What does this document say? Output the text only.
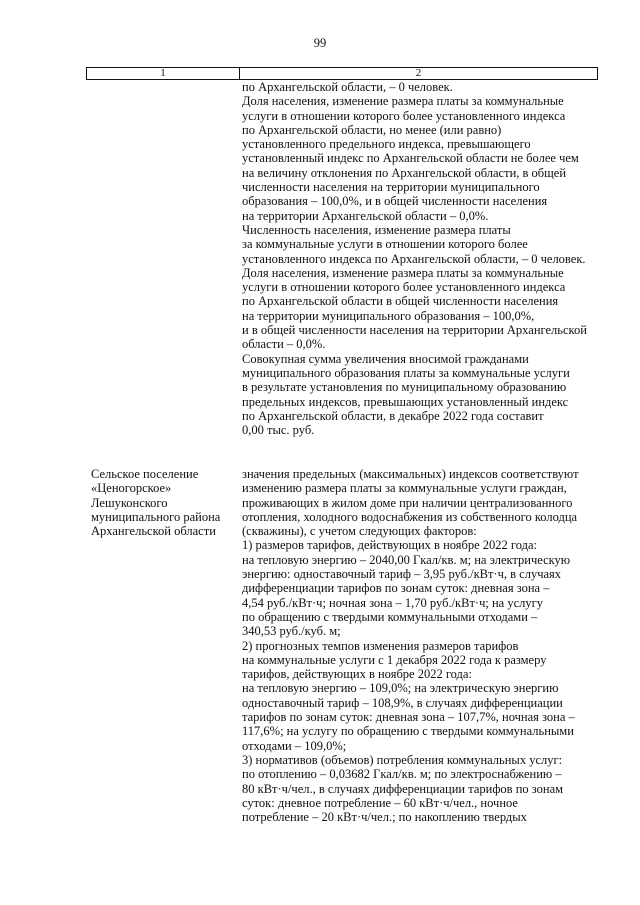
99
1	2
по Архангельской области, – 0 человек.
Доля населения, изменение размера платы за коммунальные
услуги в отношении которого более установленного индекса
по Архангельской области, но менее (или равно)
установленного предельного индекса, превышающего
установленный индекс по Архангельской области не более чем
на величину отклонения по Архангельской области, в общей
численности населения на территории муниципального
образования – 100,0%, и в общей численности населения
на территории Архангельской области – 0,0%.
Численность населения, изменение размера платы
за коммунальные услуги в отношении которого более
установленного индекса по Архангельской области, – 0 человек.
Доля населения, изменение размера платы за коммунальные
услуги в отношении которого более установленного индекса
по Архангельской области в общей численности населения
на территории муниципального образования – 100,0%,
и в общей численности населения на территории Архангельской
области – 0,0%.
Совокупная сумма увеличения вносимой гражданами
муниципального образования платы за коммунальные услуги
в результате установления по муниципальному образованию
предельных индексов, превышающих установленный индекс
по Архангельской области, в декабре 2022 года составит
0,00 тыс. руб.
Сельское поселение
«Ценогорское»
Лешуконского
муниципального района
Архангельской области
значения предельных (максимальных) индексов соответствуют
изменению размера платы за коммунальные услуги граждан,
проживающих в жилом доме при наличии централизованного
отопления, холодного водоснабжения из собственного колодца
(скважины), с учетом следующих факторов:
1) размеров тарифов, действующих в ноябре 2022 года:
на тепловую энергию – 2040,00 Гкал/кв. м; на электрическую
энергию: одноставочный тариф – 3,95 руб./кВт·ч, в случаях
дифференциации тарифов по зонам суток: дневная зона –
4,54 руб./кВт·ч; ночная зона – 1,70 руб./кВт·ч; на услугу
по обращению с твердыми коммунальными отходами –
340,53 руб./куб. м;
2) прогнозных темпов изменения размеров тарифов
на коммунальные услуги с 1 декабря 2022 года к размеру
тарифов, действующих в ноябре 2022 года:
на тепловую энергию – 109,0%; на электрическую энергию
одноставочный тариф – 108,9%, в случаях дифференциации
тарифов по зонам суток: дневная зона – 107,7%, ночная зона –
117,6%; на услугу по обращению с твердыми коммунальными
отходами – 109,0%;
3) нормативов (объемов) потребления коммунальных услуг:
по отоплению – 0,03682 Гкал/кв. м; по электроснабжению –
80 кВт·ч/чел., в случаях дифференциации тарифов по зонам
суток: дневное потребление – 60 кВт·ч/чел., ночное
потребление – 20 кВт·ч/чел.; по накоплению твердых
